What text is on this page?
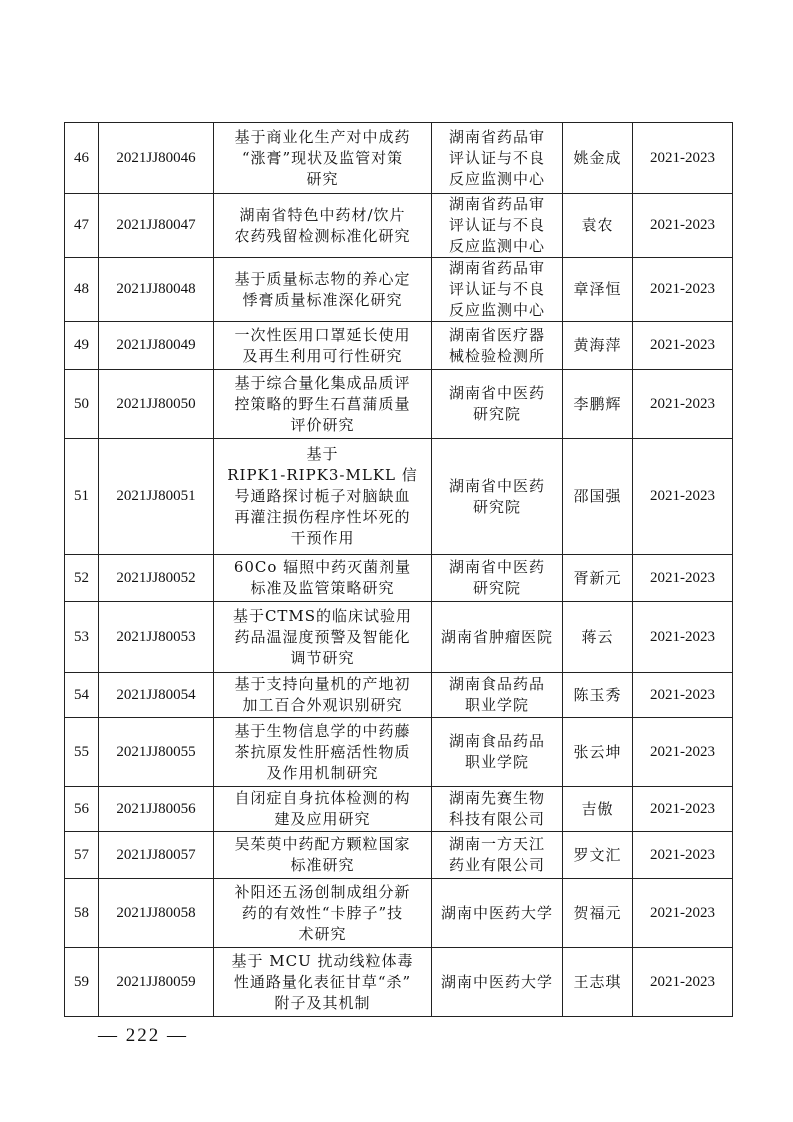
46	2021JJ80046	基于商业化生产对中成药
“涨膏”现状及监管对策
研究	湖南省药品审
评认证与不良
反应监测中心	姚金成	2021-2023
47	2021JJ80047	湖南省特色中药材/饮片
农药残留检测标准化研究	湖南省药品审
评认证与不良
反应监测中心	袁农	2021-2023
48	2021JJ80048	基于质量标志物的养心定
悸膏质量标准深化研究	湖南省药品审
评认证与不良
反应监测中心	章泽恒	2021-2023
49	2021JJ80049	一次性医用口罩延长使用
及再生利用可行性研究	湖南省医疗器
械检验检测所	黄海萍	2021-2023
50	2021JJ80050	基于综合量化集成品质评
控策略的野生石菖蒲质量
评价研究	湖南省中医药
研究院	李鹏辉	2021-2023
51	2021JJ80051	基于
RIPK1-RIPK3-MLKL 信
号通路探讨栀子对脑缺血
再灌注损伤程序性坏死的
干预作用	湖南省中医药
研究院	邵国强	2021-2023
52	2021JJ80052	60Co 辐照中药灭菌剂量
标准及监管策略研究	湖南省中医药
研究院	胥新元	2021-2023
53	2021JJ80053	基于CTMS的临床试验用
药品温湿度预警及智能化
调节研究	湖南省肿瘤医院	蒋云	2021-2023
54	2021JJ80054	基于支持向量机的产地初
加工百合外观识别研究	湖南食品药品
职业学院	陈玉秀	2021-2023
55	2021JJ80055	基于生物信息学的中药藤
茶抗原发性肝癌活性物质
及作用机制研究	湖南食品药品
职业学院	张云坤	2021-2023
56	2021JJ80056	自闭症自身抗体检测的构
建及应用研究	湖南先赛生物
科技有限公司	吉傲	2021-2023
57	2021JJ80057	吴茱萸中药配方颗粒国家
标准研究	湖南一方天江
药业有限公司	罗文汇	2021-2023
58	2021JJ80058	补阳还五汤创制成组分新
药的有效性“卡脖子”技
术研究	湖南中医药大学	贺福元	2021-2023
59	2021JJ80059	基于 MCU 扰动线粒体毒
性通路量化表征甘草“杀”
附子及其机制	湖南中医药大学	王志琪	2021-2023
— 222 —
